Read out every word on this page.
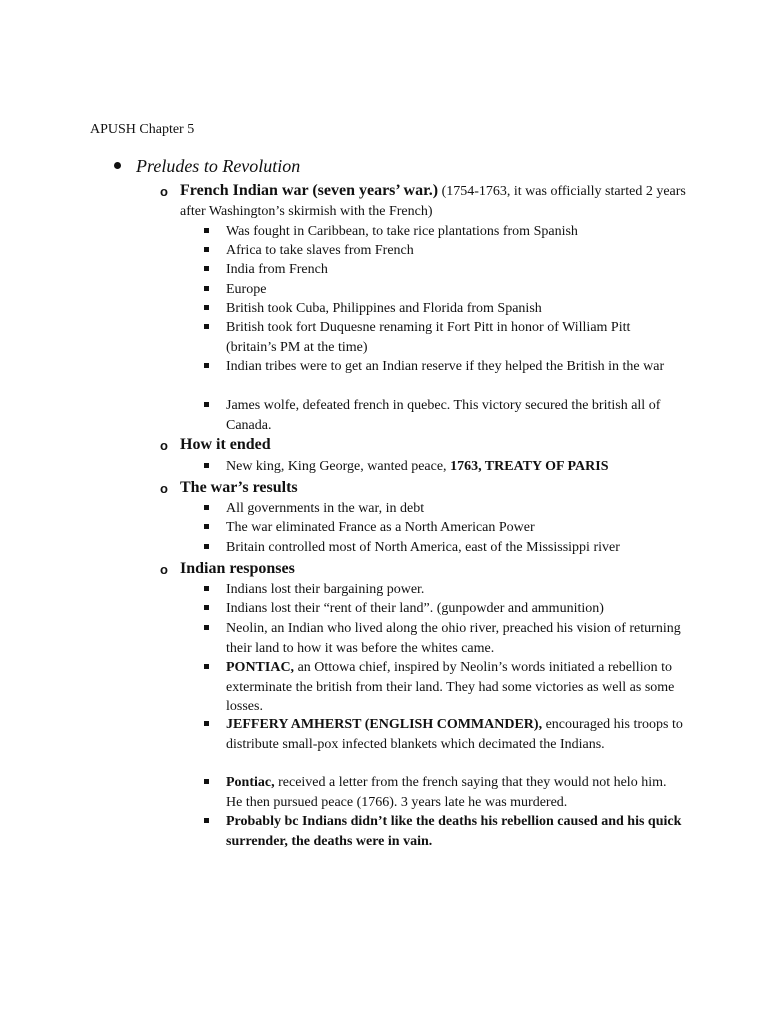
APUSH Chapter 5
Preludes to Revolution
o French Indian war (seven years’ war.) (1754-1763, it was officially started 2 years after Washington’s skirmish with the French)
Was fought in Caribbean, to take rice plantations from Spanish
Africa to take slaves from French
India from French
Europe
British took Cuba, Philippines and Florida from Spanish
British took fort Duquesne renaming it Fort Pitt in honor of William Pitt (britain’s PM at the time)
Indian tribes were to get an Indian reserve if they helped the British in the war
James wolfe, defeated french in quebec. This victory secured the british all of Canada.
o How it ended
New king, King George, wanted peace, 1763, TREATY OF PARIS
o The war’s results
All governments in the war, in debt
The war eliminated France as a North American Power
Britain controlled most of North America, east of the Mississippi river
o Indian responses
Indians lost their bargaining power.
Indians lost their “rent of their land”. (gunpowder and ammunition)
Neolin, an Indian who lived along the ohio river, preached his vision of returning their land to how it was before the whites came.
PONTIAC, an Ottowa chief, inspired by Neolin’s words initiated a rebellion to exterminate the british from their land. They had some victories as well as some losses.
JEFFERY AMHERST (ENGLISH COMMANDER), encouraged his troops to distribute small-pox infected blankets which decimated the Indians.
Pontiac, received a letter from the french saying that they would not helo him. He then pursued peace (1766). 3 years late he was murdered.
Probably bc Indians didn’t like the deaths his rebellion caused and his quick surrender, the deaths were in vain.
